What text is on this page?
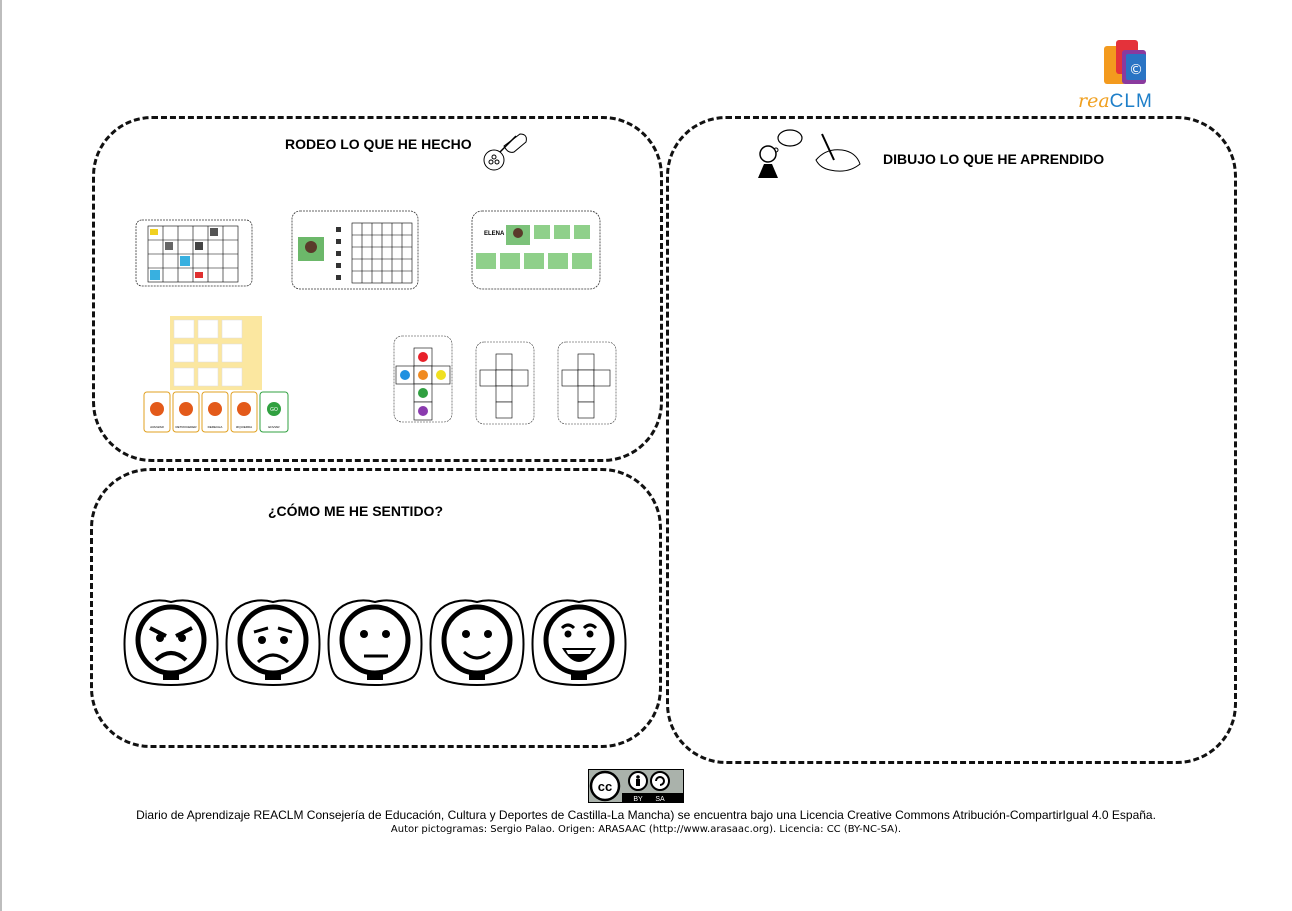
©
reaCLM
RODEO LO QUE HE HECHO
ELENA
GO
AVANZAR	RETROCEDER	DERECHA	IZQUIERDA	ENVIAR
DIBUJO LO QUE HE APRENDIDO
¿CÓMO ME HE SENTIDO?
cc
BY SA
Diario de Aprendizaje REACLM Consejería de Educación, Cultura y Deportes de Castilla-La Mancha) se encuentra bajo una Licencia Creative Commons Atribución-CompartirIgual 4.0 España.
Autor pictogramas: Sergio Palao. Origen: ARASAAC (http://www.arasaac.org). Licencia: CC (BY-NC-SA).
